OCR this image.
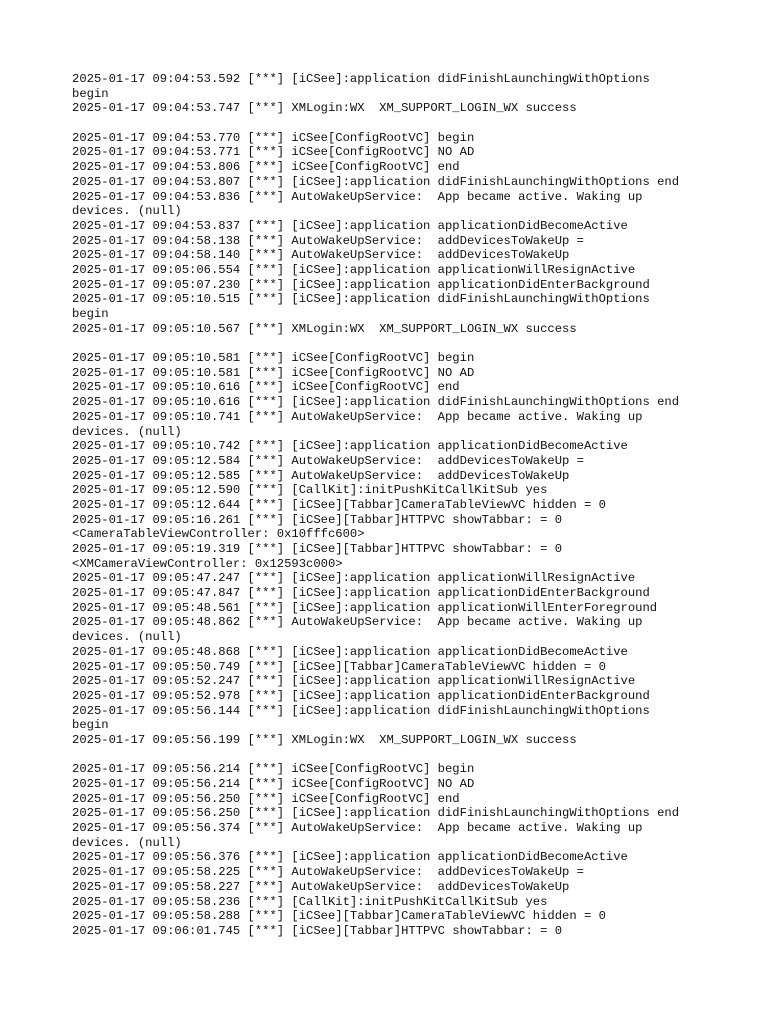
2025-01-17 09:04:53.592 [***] [iCSee]:application didFinishLaunchingWithOptions
begin
2025-01-17 09:04:53.747 [***] XMLogin:WX  XM_SUPPORT_LOGIN_WX success
2025-01-17 09:04:53.770 [***] iCSee[ConfigRootVC] begin
2025-01-17 09:04:53.771 [***] iCSee[ConfigRootVC] NO AD
2025-01-17 09:04:53.806 [***] iCSee[ConfigRootVC] end
2025-01-17 09:04:53.807 [***] [iCSee]:application didFinishLaunchingWithOptions end
2025-01-17 09:04:53.836 [***] AutoWakeUpService:  App became active. Waking up
devices. (null)
2025-01-17 09:04:53.837 [***] [iCSee]:application applicationDidBecomeActive
2025-01-17 09:04:58.138 [***] AutoWakeUpService:  addDevicesToWakeUp =
2025-01-17 09:04:58.140 [***] AutoWakeUpService:  addDevicesToWakeUp
2025-01-17 09:05:06.554 [***] [iCSee]:application applicationWillResignActive
2025-01-17 09:05:07.230 [***] [iCSee]:application applicationDidEnterBackground
2025-01-17 09:05:10.515 [***] [iCSee]:application didFinishLaunchingWithOptions
begin
2025-01-17 09:05:10.567 [***] XMLogin:WX  XM_SUPPORT_LOGIN_WX success
2025-01-17 09:05:10.581 [***] iCSee[ConfigRootVC] begin
2025-01-17 09:05:10.581 [***] iCSee[ConfigRootVC] NO AD
2025-01-17 09:05:10.616 [***] iCSee[ConfigRootVC] end
2025-01-17 09:05:10.616 [***] [iCSee]:application didFinishLaunchingWithOptions end
2025-01-17 09:05:10.741 [***] AutoWakeUpService:  App became active. Waking up
devices. (null)
2025-01-17 09:05:10.742 [***] [iCSee]:application applicationDidBecomeActive
2025-01-17 09:05:12.584 [***] AutoWakeUpService:  addDevicesToWakeUp =
2025-01-17 09:05:12.585 [***] AutoWakeUpService:  addDevicesToWakeUp
2025-01-17 09:05:12.590 [***] [CallKit]:initPushKitCallKitSub yes
2025-01-17 09:05:12.644 [***] [iCSee][Tabbar]CameraTableViewVC hidden = 0
2025-01-17 09:05:16.261 [***] [iCSee][Tabbar]HTTPVC showTabbar: = 0
<CameraTableViewController: 0x10fffc600>
2025-01-17 09:05:19.319 [***] [iCSee][Tabbar]HTTPVC showTabbar: = 0
<XMCameraViewController: 0x12593c000>
2025-01-17 09:05:47.247 [***] [iCSee]:application applicationWillResignActive
2025-01-17 09:05:47.847 [***] [iCSee]:application applicationDidEnterBackground
2025-01-17 09:05:48.561 [***] [iCSee]:application applicationWillEnterForeground
2025-01-17 09:05:48.862 [***] AutoWakeUpService:  App became active. Waking up
devices. (null)
2025-01-17 09:05:48.868 [***] [iCSee]:application applicationDidBecomeActive
2025-01-17 09:05:50.749 [***] [iCSee][Tabbar]CameraTableViewVC hidden = 0
2025-01-17 09:05:52.247 [***] [iCSee]:application applicationWillResignActive
2025-01-17 09:05:52.978 [***] [iCSee]:application applicationDidEnterBackground
2025-01-17 09:05:56.144 [***] [iCSee]:application didFinishLaunchingWithOptions
begin
2025-01-17 09:05:56.199 [***] XMLogin:WX  XM_SUPPORT_LOGIN_WX success
2025-01-17 09:05:56.214 [***] iCSee[ConfigRootVC] begin
2025-01-17 09:05:56.214 [***] iCSee[ConfigRootVC] NO AD
2025-01-17 09:05:56.250 [***] iCSee[ConfigRootVC] end
2025-01-17 09:05:56.250 [***] [iCSee]:application didFinishLaunchingWithOptions end
2025-01-17 09:05:56.374 [***] AutoWakeUpService:  App became active. Waking up
devices. (null)
2025-01-17 09:05:56.376 [***] [iCSee]:application applicationDidBecomeActive
2025-01-17 09:05:58.225 [***] AutoWakeUpService:  addDevicesToWakeUp =
2025-01-17 09:05:58.227 [***] AutoWakeUpService:  addDevicesToWakeUp
2025-01-17 09:05:58.236 [***] [CallKit]:initPushKitCallKitSub yes
2025-01-17 09:05:58.288 [***] [iCSee][Tabbar]CameraTableViewVC hidden = 0
2025-01-17 09:06:01.745 [***] [iCSee][Tabbar]HTTPVC showTabbar: = 0
